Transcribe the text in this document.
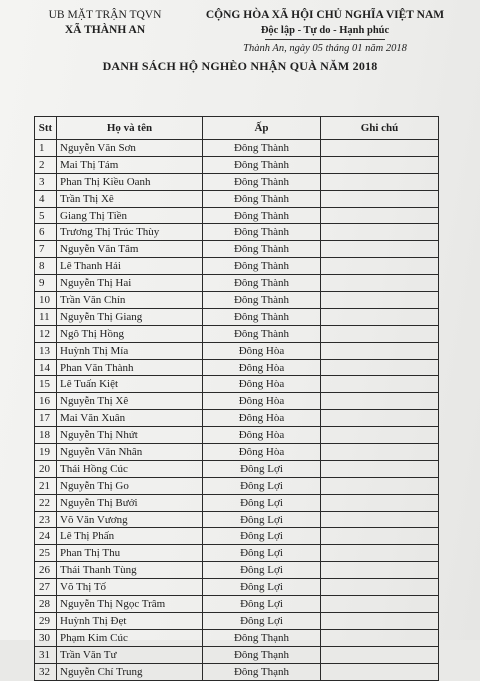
UB MẶT TRẬN TQVN
XÃ THÀNH AN
CỘNG HÒA XÃ HỘI CHỦ NGHĨA VIỆT NAM
Độc lập - Tự do - Hạnh phúc
Thành An, ngày 05 tháng 01 năm 2018
DANH SÁCH HỘ NGHÈO NHẬN QUÀ NĂM 2018
Stt	Họ và tên	Ấp	Ghi chú
1	Nguyễn Văn Sơn	Đông Thành	
2	Mai Thị Tám	Đông Thành	
3	Phan Thị Kiều Oanh	Đông Thành	
4	Trần Thị Xê	Đông Thành	
5	Giang Thị Tiền	Đông Thành	
6	Trương Thị Trúc Thùy	Đông Thành	
7	Nguyễn Văn Tâm	Đông Thành	
8	Lê Thanh Hải	Đông Thành	
9	Nguyễn Thị Hai	Đông Thành	
10	Trần Văn Chín	Đông Thành	
11	Nguyễn Thị Giang	Đông Thành	
12	Ngô Thị Hồng	Đông Thành	
13	Huỳnh Thị Mía	Đông Hòa	
14	Phan Văn Thành	Đông Hòa	
15	Lê Tuấn Kiệt	Đông Hòa	
16	Nguyễn Thị Xê	Đông Hòa	
17	Mai Văn Xuân	Đông Hòa	
18	Nguyễn Thị Nhứt	Đông Hòa	
19	Nguyễn Văn Nhân	Đông Hòa	
20	Thái Hồng Cúc	Đông Lợi	
21	Nguyễn Thị Go	Đông Lợi	
22	Nguyễn Thị Bưởi	Đông Lợi	
23	Võ Văn Vương	Đông Lợi	
24	Lê Thị Phấn	Đông Lợi	
25	Phan Thị Thu	Đông Lợi	
26	Thái Thanh Tùng	Đông Lợi	
27	Võ Thị Tố	Đông Lợi	
28	Nguyễn Thị Ngọc Trâm	Đông Lợi	
29	Huỳnh Thị Đẹt	Đông Lợi	
30	Phạm Kim Cúc	Đông Thạnh	
31	Trần Văn Tư	Đông Thạnh	
32	Nguyễn Chí Trung	Đông Thạnh	
